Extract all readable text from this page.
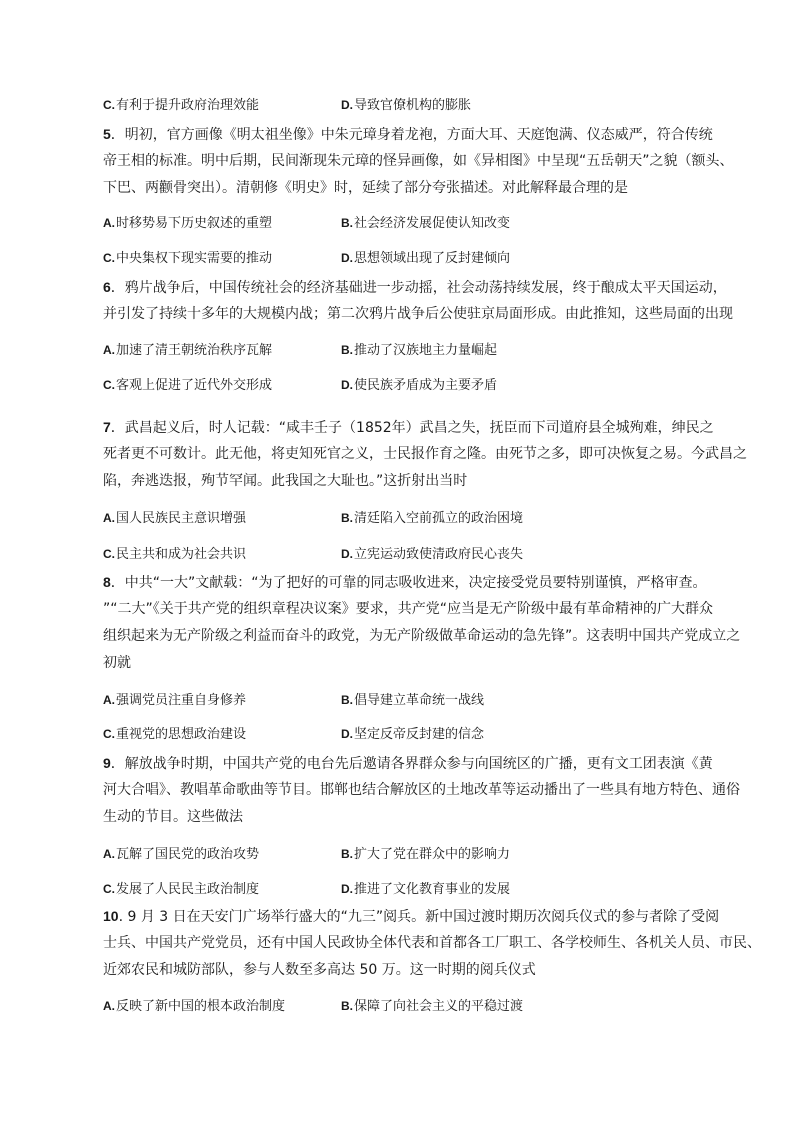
C.有利于提升政府治理效能	D.导致官僚机构的膨胀
5．明初，官方画像《明太祖坐像》中朱元璋身着龙袍，方面大耳、天庭饱满、仪态威严，符合传统
帝王相的标准。明中后期，民间渐现朱元璋的怪异画像，如《异相图》中呈现“五岳朝天”之貌（额头、
下巴、两颧骨突出）。清朝修《明史》时，延续了部分夸张描述。对此解释最合理的是
A.时移势易下历史叙述的重塑	B.社会经济发展促使认知改变
C.中央集权下现实需要的推动	D.思想领域出现了反封建倾向
6．鸦片战争后，中国传统社会的经济基础进一步动摇，社会动荡持续发展，终于酿成太平天国运动，
并引发了持续十多年的大规模内战；第二次鸦片战争后公使驻京局面形成。由此推知，这些局面的出现
A.加速了清王朝统治秩序瓦解	B.推动了汉族地主力量崛起
C.客观上促进了近代外交形成	D.使民族矛盾成为主要矛盾
7．武昌起义后，时人记载：“咸丰壬子（1852年）武昌之失，抚臣而下司道府县全城殉难，绅民之
死者更不可数计。此无他，将吏知死官之义，士民报作育之隆。由死节之多，即可决恢复之易。今武昌之
陷，奔逃迭报，殉节罕闻。此我国之大耻也。”这折射出当时
A.国人民族民主意识增强	B.清廷陷入空前孤立的政治困境
C.民主共和成为社会共识	D.立宪运动致使清政府民心丧失
8．中共“一大”文献载：“为了把好的可靠的同志吸收进来，决定接受党员要特别谨慎，严格审查。
”“二大”《关于共产党的组织章程决议案》要求，共产党“应当是无产阶级中最有革命精神的广大群众
组织起来为无产阶级之利益而奋斗的政党，为无产阶级做革命运动的急先锋”。这表明中国共产党成立之
初就
A.强调党员注重自身修养	B.倡导建立革命统一战线
C.重视党的思想政治建设	D.坚定反帝反封建的信念
9．解放战争时期，中国共产党的电台先后邀请各界群众参与向国统区的广播，更有文工团表演《黄
河大合唱》、教唱革命歌曲等节目。邯郸也结合解放区的土地改革等运动播出了一些具有地方特色、通俗
生动的节目。这些做法
A.瓦解了国民党的政治攻势	B.扩大了党在群众中的影响力
C.发展了人民民主政治制度	D.推进了文化教育事业的发展
10. 9 月 3 日在天安门广场举行盛大的“九三”阅兵。新中国过渡时期历次阅兵仪式的参与者除了受阅
士兵、中国共产党党员，还有中国人民政协全体代表和首都各工厂职工、各学校师生、各机关人员、市民、
近郊农民和城防部队，参与人数至多高达 50 万。这一时期的阅兵仪式
A.反映了新中国的根本政治制度	B.保障了向社会主义的平稳过渡
